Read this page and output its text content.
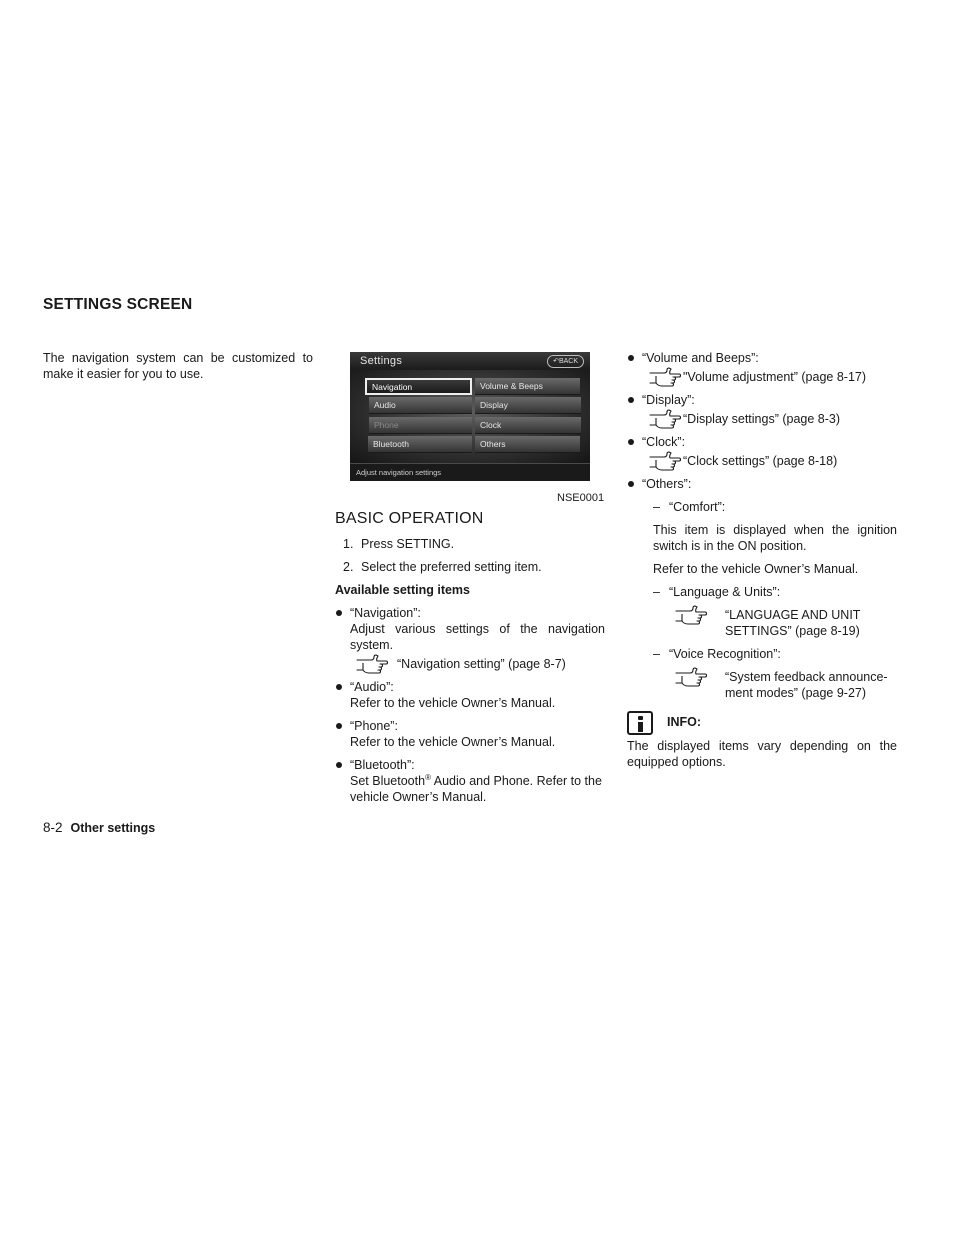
SETTINGS SCREEN
The navigation system can be customized to make it easier for you to use.
Settings	↶BACK
Navigation	Volume & Beeps
Audio	Display
Phone	Clock
Bluetooth	Others
Adjust navigation settings
NSE0001
BASIC OPERATION
1. Press SETTING.
2. Select the preferred setting item.
Available setting items
“Navigation”:
Adjust various settings of the navigation system.
“Navigation setting” (page 8-7)
“Audio”:
Refer to the vehicle Owner’s Manual.
“Phone”:
Refer to the vehicle Owner’s Manual.
“Bluetooth”:
Set Bluetooth® Audio and Phone. Refer to the vehicle Owner’s Manual.
“Volume and Beeps”:
"Volume adjustment” (page 8-17)
“Display”:
“Display settings” (page 8-3)
“Clock”:
“Clock settings” (page 8-18)
“Others”:
– “Comfort”:
This item is displayed when the ignition switch is in the ON position.
Refer to the vehicle Owner’s Manual.
– “Language & Units”:
“LANGUAGE AND UNIT SETTINGS” (page 8-19)
– “Voice Recognition”:
“System feedback announce-ment modes” (page 9-27)
INFO:
The displayed items vary depending on the equipped options.
8-2 Other settings
